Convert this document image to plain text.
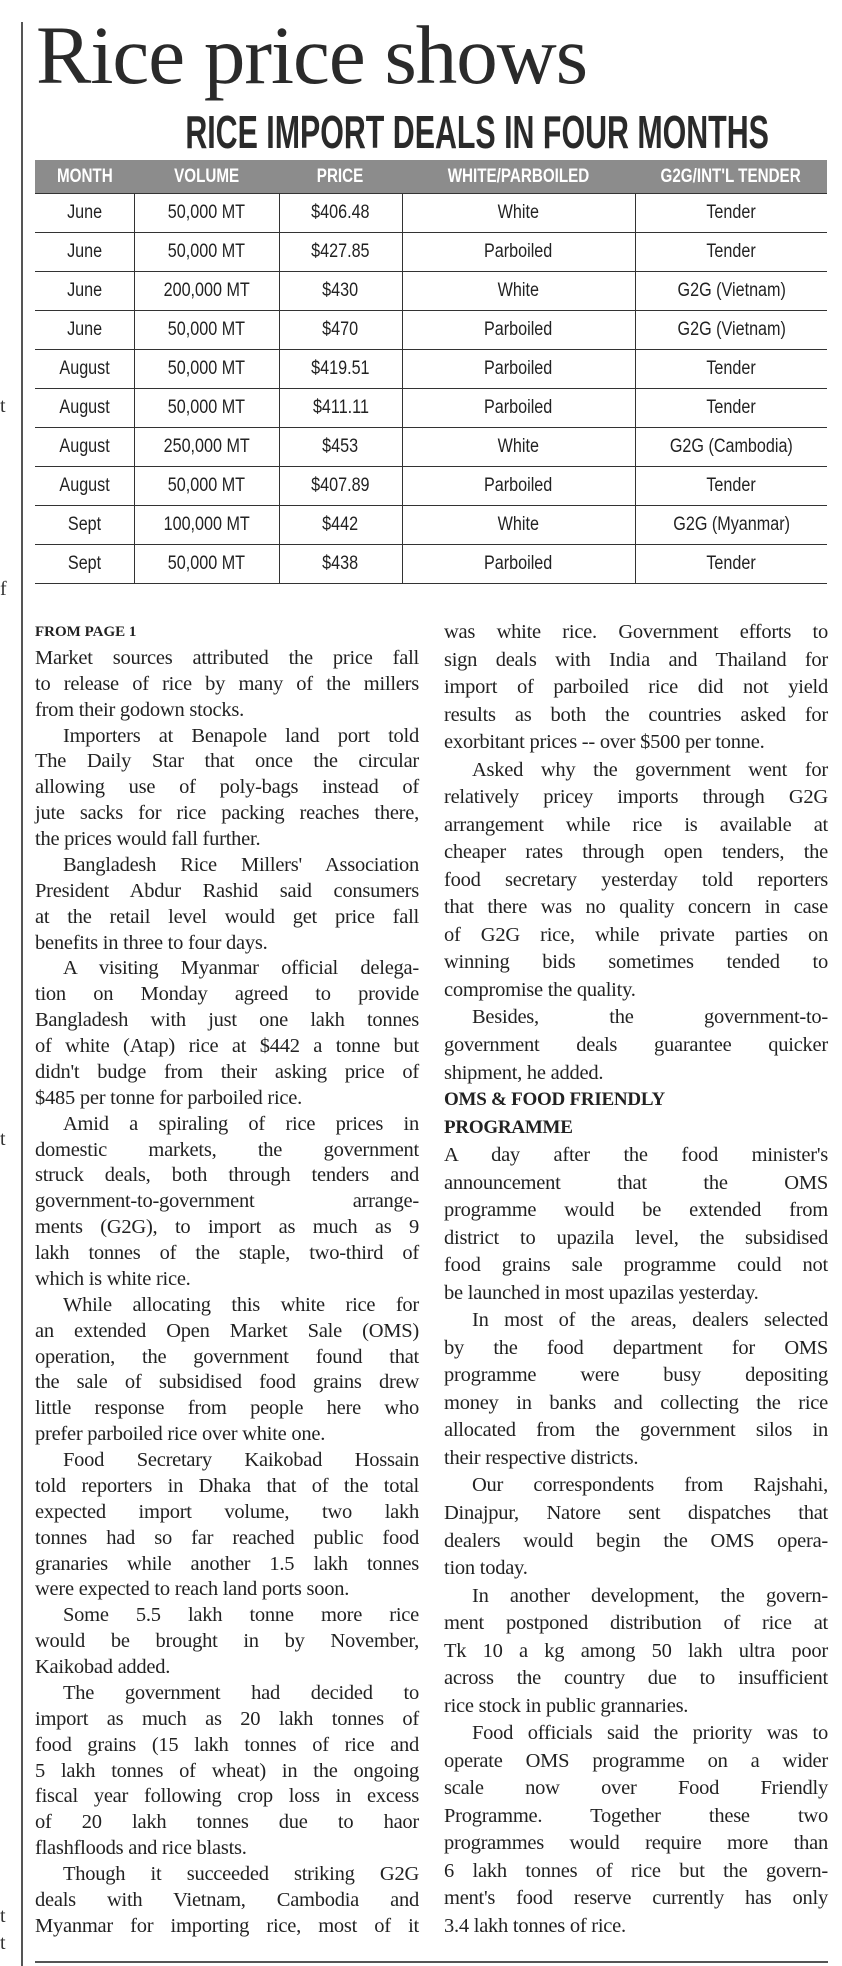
t
f
t
t
t
Rice price shows
RICE IMPORT DEALS IN FOUR MONTHS
MONTH	VOLUME	PRICE	WHITE/PARBOILED	G2G/INT'L TENDER
June	50,000 MT	$406.48	White	Tender
June	50,000 MT	$427.85	Parboiled	Tender
June	200,000 MT	$430	White	G2G (Vietnam)
June	50,000 MT	$470	Parboiled	G2G (Vietnam)
August	50,000 MT	$419.51	Parboiled	Tender
August	50,000 MT	$411.11	Parboiled	Tender
August	250,000 MT	$453	White	G2G (Cambodia)
August	50,000 MT	$407.89	Parboiled	Tender
Sept	100,000 MT	$442	White	G2G (Myanmar)
Sept	50,000 MT	$438	Parboiled	Tender
FROM PAGE 1
Market sources attributed the price fall
to release of rice by many of the millers
from their godown stocks.
Importers at Benapole land port told
The Daily Star that once the circular
allowing use of poly-bags instead of
jute sacks for rice packing reaches there,
the prices would fall further.
Bangladesh Rice Millers' Association
President Abdur Rashid said consumers
at the retail level would get price fall
benefits in three to four days.
A visiting Myanmar official delega-
tion on Monday agreed to provide
Bangladesh with just one lakh tonnes
of white (Atap) rice at $442 a tonne but
didn't budge from their asking price of
$485 per tonne for parboiled rice.
Amid a spiraling of rice prices in
domestic markets, the government
struck deals, both through tenders and
government-to-government arrange-
ments (G2G), to import as much as 9
lakh tonnes of the staple, two-third of
which is white rice.
While allocating this white rice for
an extended Open Market Sale (OMS)
operation, the government found that
the sale of subsidised food grains drew
little response from people here who
prefer parboiled rice over white one.
Food Secretary Kaikobad Hossain
told reporters in Dhaka that of the total
expected import volume, two lakh
tonnes had so far reached public food
granaries while another 1.5 lakh tonnes
were expected to reach land ports soon.
Some 5.5 lakh tonne more rice
would be brought in by November,
Kaikobad added.
The government had decided to
import as much as 20 lakh tonnes of
food grains (15 lakh tonnes of rice and
5 lakh tonnes of wheat) in the ongoing
fiscal year following crop loss in excess
of 20 lakh tonnes due to haor
flashfloods and rice blasts.
Though it succeeded striking G2G
deals with Vietnam, Cambodia and
Myanmar for importing rice, most of it
was white rice. Government efforts to
sign deals with India and Thailand for
import of parboiled rice did not yield
results as both the countries asked for
exorbitant prices -- over $500 per tonne.
Asked why the government went for
relatively pricey imports through G2G
arrangement while rice is available at
cheaper rates through open tenders, the
food secretary yesterday told reporters
that there was no quality concern in case
of G2G rice, while private parties on
winning bids sometimes tended to
compromise the quality.
Besides, the government-to-
government deals guarantee quicker
shipment, he added.
OMS & FOOD FRIENDLY
PROGRAMME
A day after the food minister's
announcement that the OMS
programme would be extended from
district to upazila level, the subsidised
food grains sale programme could not
be launched in most upazilas yesterday.
In most of the areas, dealers selected
by the food department for OMS
programme were busy depositing
money in banks and collecting the rice
allocated from the government silos in
their respective districts.
Our correspondents from Rajshahi,
Dinajpur, Natore sent dispatches that
dealers would begin the OMS opera-
tion today.
In another development, the govern-
ment postponed distribution of rice at
Tk 10 a kg among 50 lakh ultra poor
across the country due to insufficient
rice stock in public grannaries.
Food officials said the priority was to
operate OMS programme on a wider
scale now over Food Friendly
Programme. Together these two
programmes would require more than
6 lakh tonnes of rice but the govern-
ment's food reserve currently has only
3.4 lakh tonnes of rice.
